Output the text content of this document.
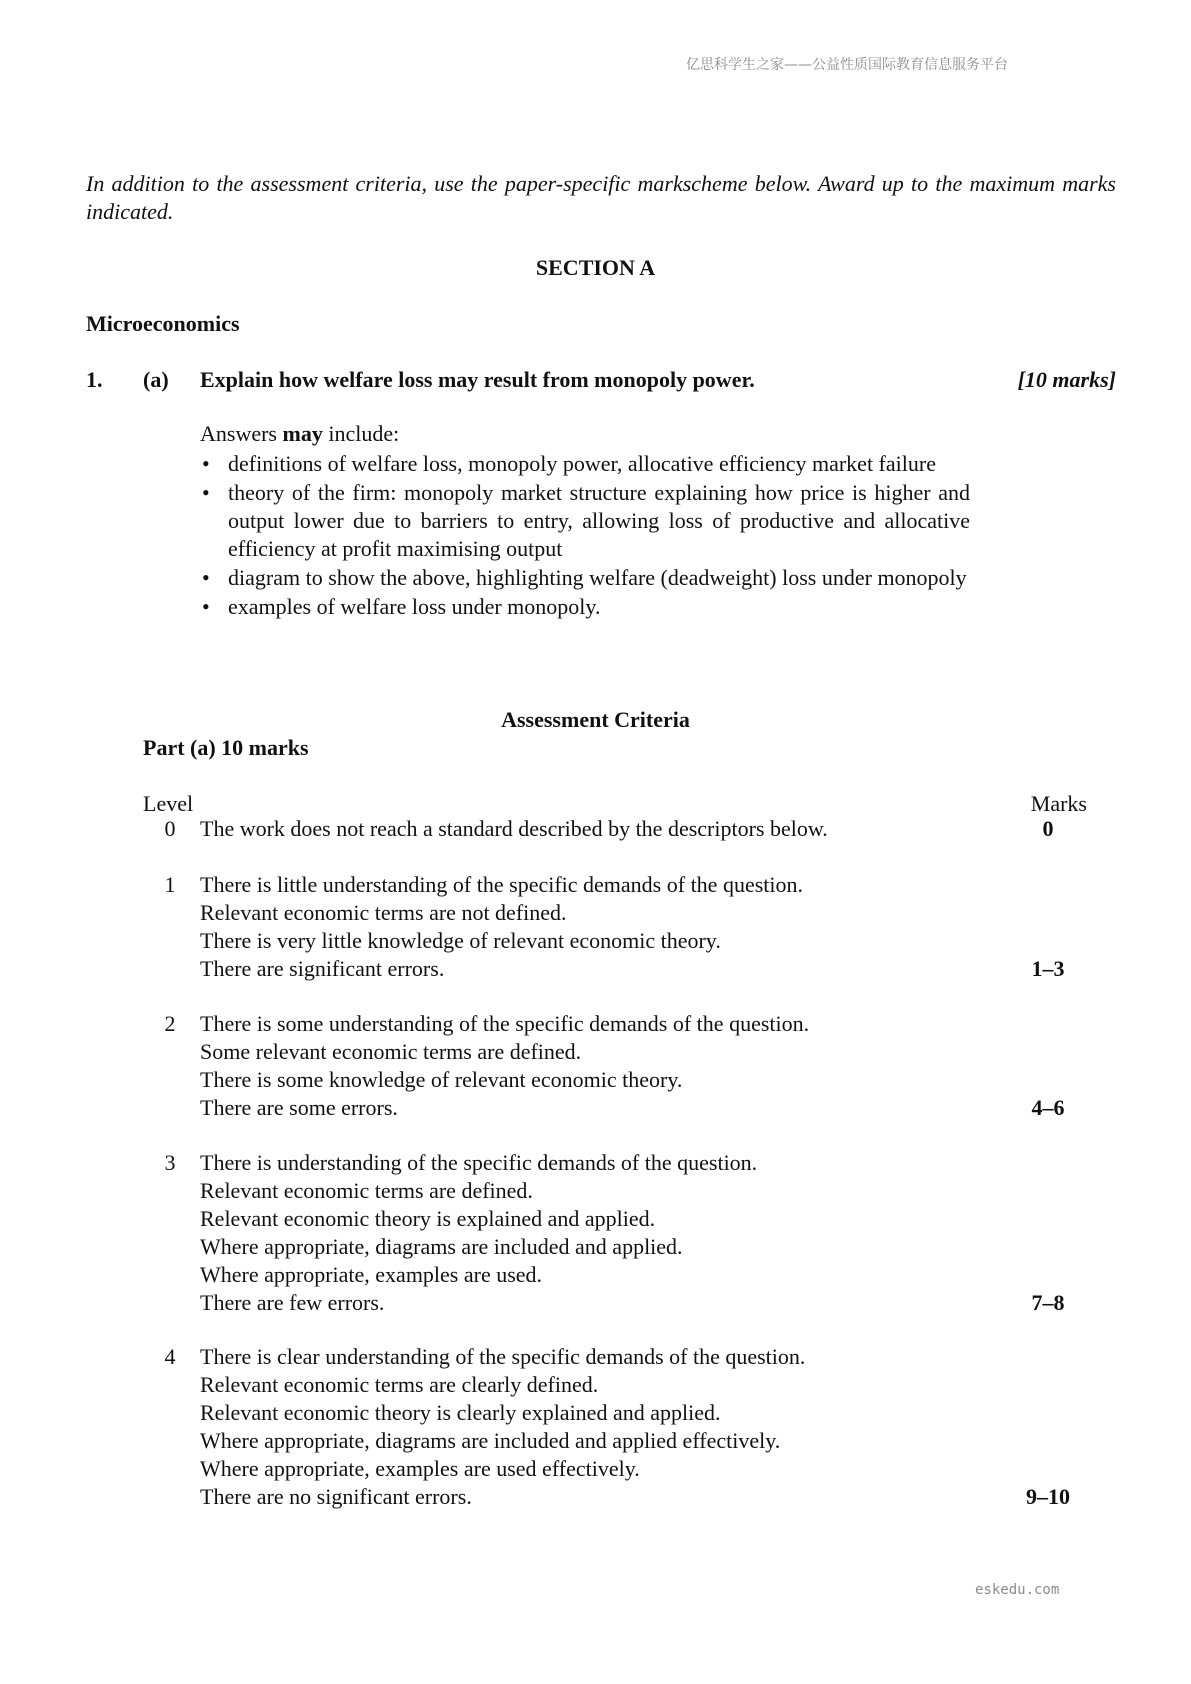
亿思科学生之家——公益性质国际教育信息服务平台
In addition to the assessment criteria, use the paper-specific markscheme below. Award up to the maximum marks indicated.
SECTION A
Microeconomics
1. (a) Explain how welfare loss may result from monopoly power.	[10 marks]

Answers may include:

• definitions of welfare loss, monopoly power, allocative efficiency market failure
• theory of the firm: monopoly market structure explaining how price is higher and output lower due to barriers to entry, allowing loss of productive and allocative efficiency at profit maximising output
• diagram to show the above, highlighting welfare (deadweight) loss under monopoly
• examples of welfare loss under monopoly.
Assessment Criteria
Part (a) 10 marks
Level	Marks
0 The work does not reach a standard described by the descriptors below.	0
1 There is little understanding of the specific demands of the question.
Relevant economic terms are not defined.
There is very little knowledge of relevant economic theory.
There are significant errors.	1–3
2 There is some understanding of the specific demands of the question.
Some relevant economic terms are defined.
There is some knowledge of relevant economic theory.
There are some errors.	4–6
3 There is understanding of the specific demands of the question.
Relevant economic terms are defined.
Relevant economic theory is explained and applied.
Where appropriate, diagrams are included and applied.
Where appropriate, examples are used.
There are few errors.	7–8
4 There is clear understanding of the specific demands of the question.
Relevant economic terms are clearly defined.
Relevant economic theory is clearly explained and applied.
Where appropriate, diagrams are included and applied effectively.
Where appropriate, examples are used effectively.
There are no significant errors.	9–10
eskedu.com
